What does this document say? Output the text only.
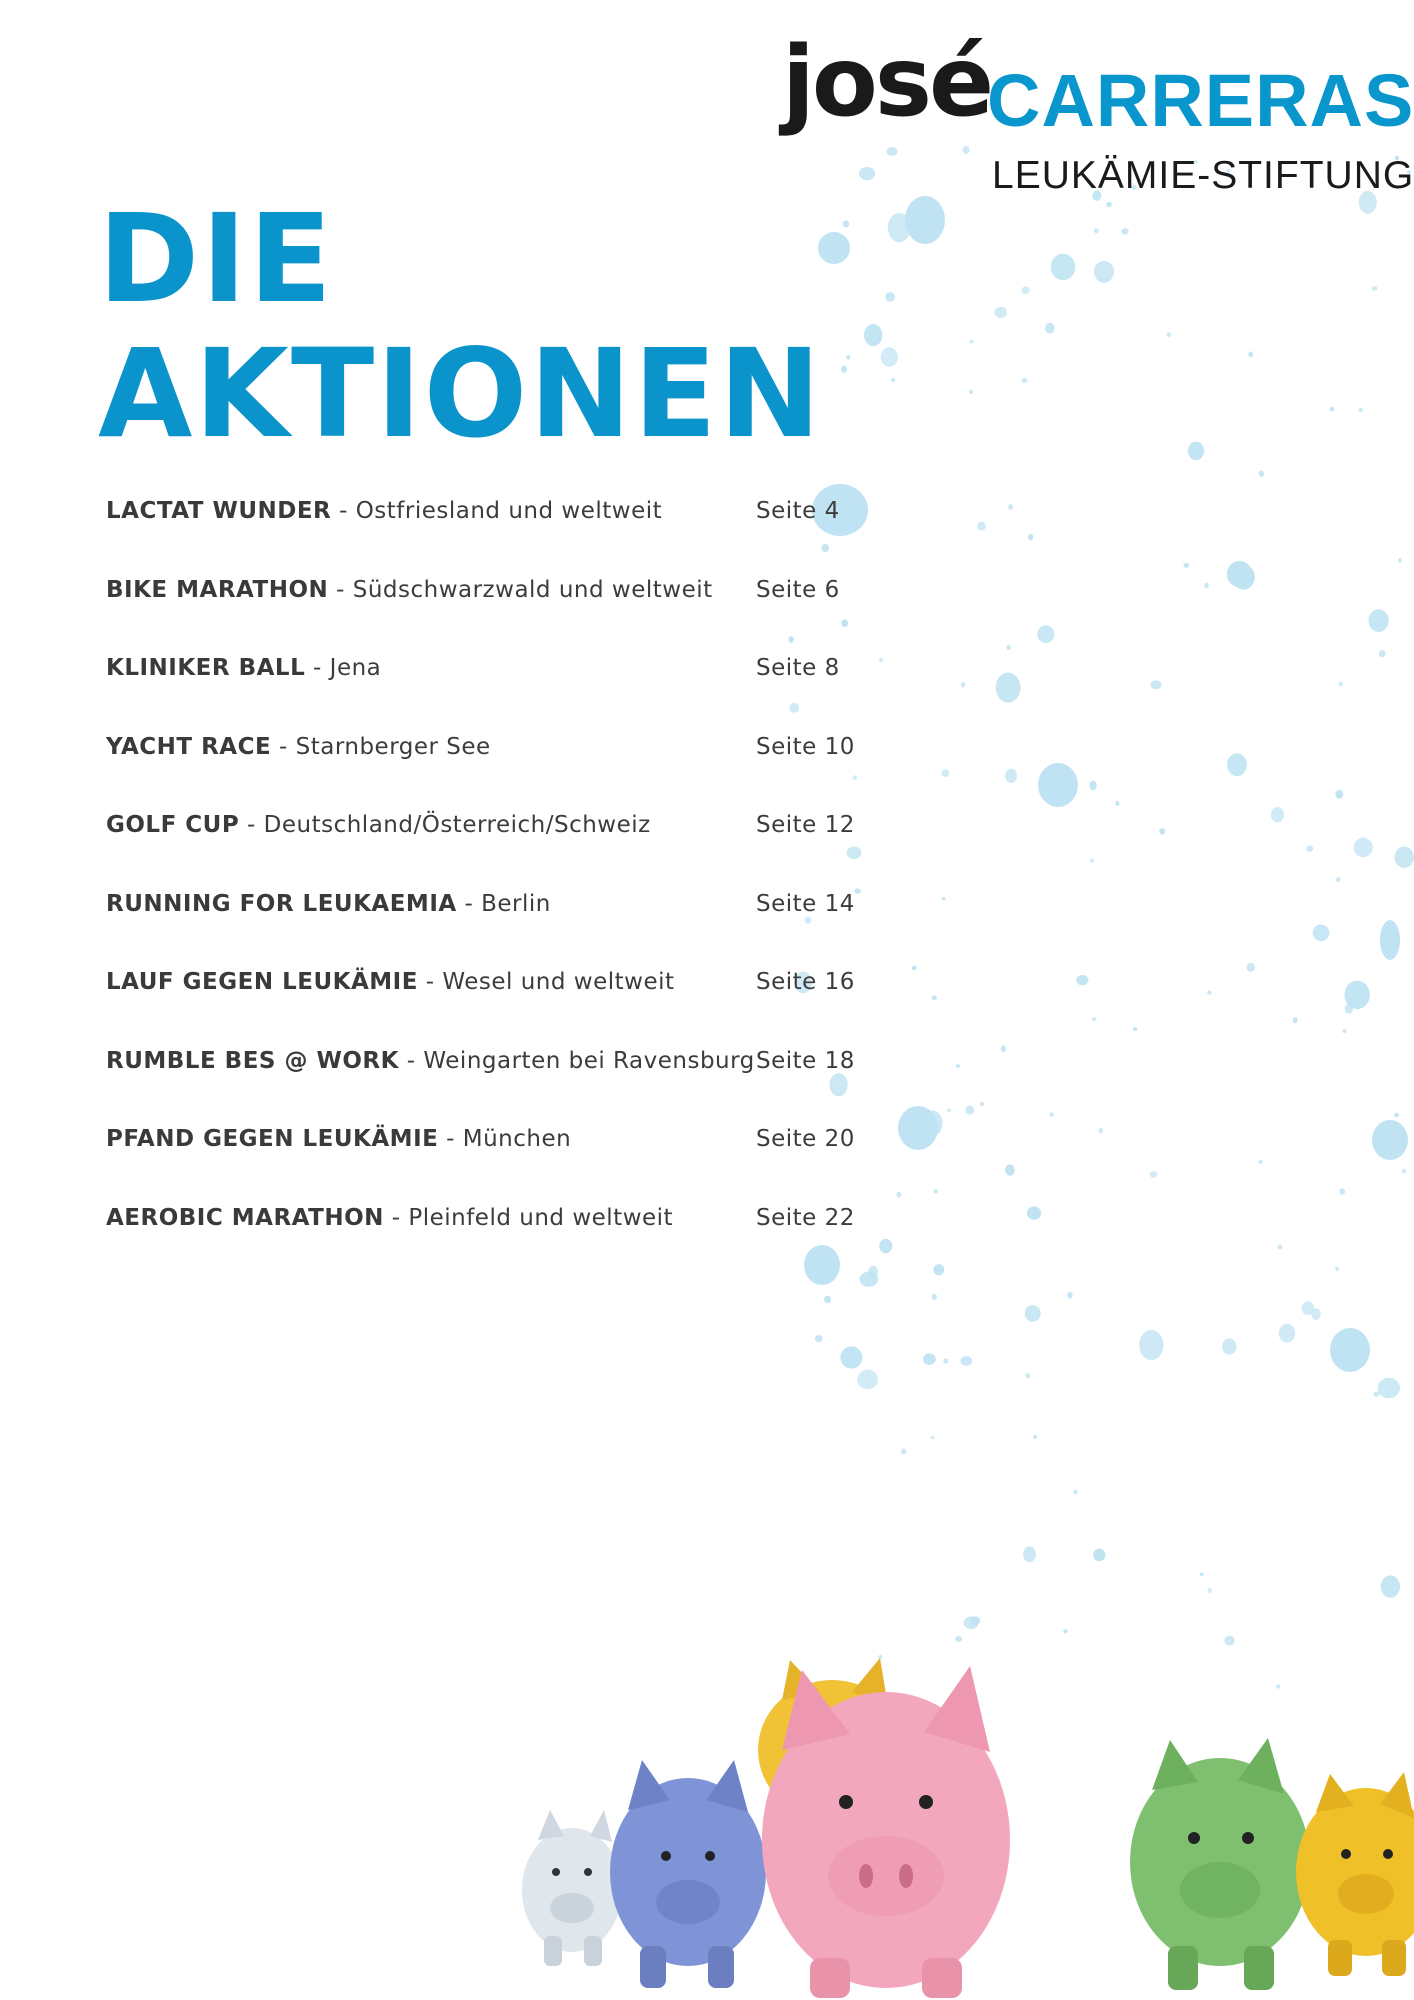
josé
CARRERAS
LEUKÄMIE-STIFTUNG
DIE
AKTIONEN
LACTAT WUNDER - Ostfriesland und weltweit	Seite 4
BIKE MARATHON - Südschwarzwald und weltweit Seite 6
KLINIKER BALL - Jena	Seite 8
YACHT RACE - Starnberger See	Seite 10
GOLF CUP - Deutschland/Österreich/Schweiz	Seite 12
RUNNING FOR LEUKAEMIA - Berlin	Seite 14
LAUF GEGEN LEUKÄMIE - Wesel und weltweit	Seite 16
RUMBLE BES @ WORK - Weingarten bei Ravensburg Seite 18
PFAND GEGEN LEUKÄMIE - München	Seite 20
AEROBIC MARATHON - Pleinfeld und weltweit	Seite 22
